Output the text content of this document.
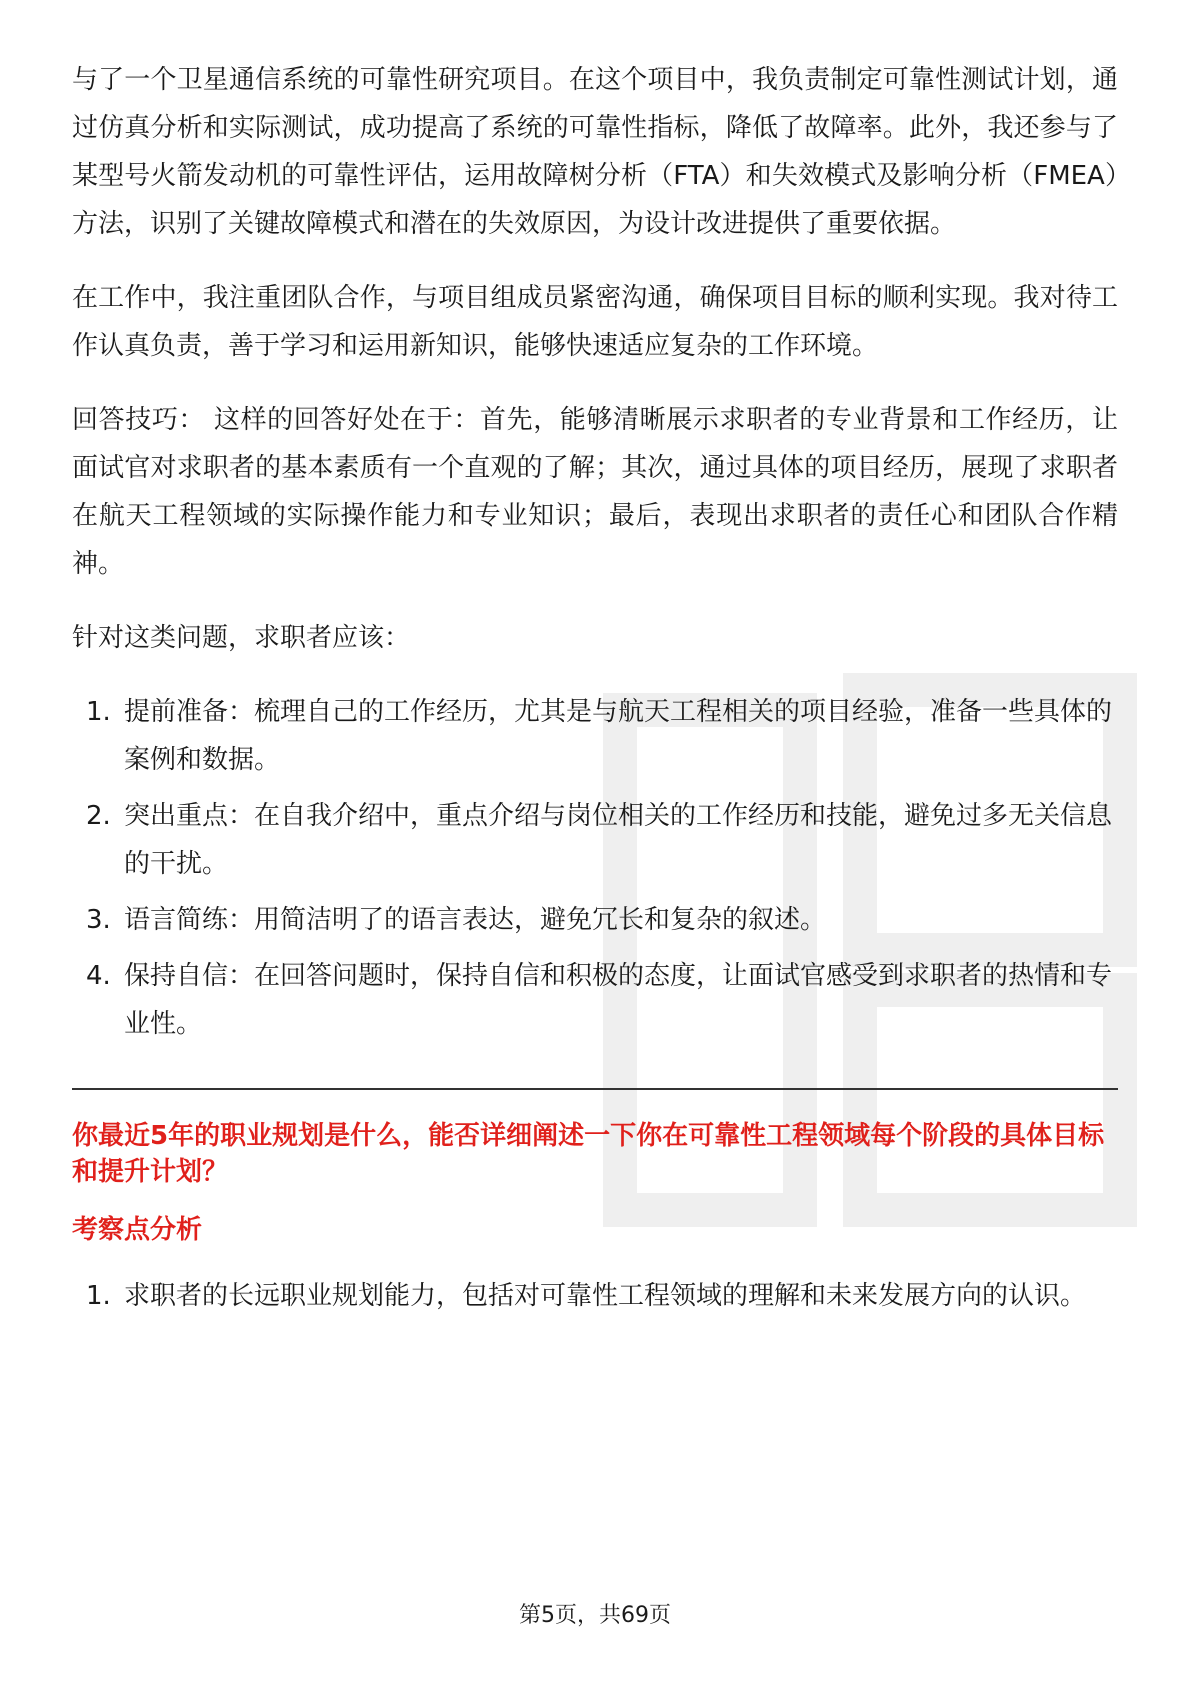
与了一个卫星通信系统的可靠性研究项目。在这个项目中，我负责制定可靠性测试计划，通过仿真分析和实际测试，成功提高了系统的可靠性指标，降低了故障率。此外，我还参与了某型号火箭发动机的可靠性评估，运用故障树分析（FTA）和失效模式及影响分析（FMEA）方法，识别了关键故障模式和潜在的失效原因，为设计改进提供了重要依据。

在工作中，我注重团队合作，与项目组成员紧密沟通，确保项目目标的顺利实现。我对待工作认真负责，善于学习和运用新知识，能够快速适应复杂的工作环境。

回答技巧： 这样的回答好处在于：首先，能够清晰展示求职者的专业背景和工作经历，让面试官对求职者的基本素质有一个直观的了解；其次，通过具体的项目经历，展现了求职者在航天工程领域的实际操作能力和专业知识；最后，表现出求职者的责任心和团队合作精神。

针对这类问题，求职者应该：

1. 提前准备：梳理自己的工作经历，尤其是与航天工程相关的项目经验，准备一些具体的案例和数据。
2. 突出重点：在自我介绍中，重点介绍与岗位相关的工作经历和技能，避免过多无关信息的干扰。
3. 语言简练：用简洁明了的语言表达，避免冗长和复杂的叙述。
4. 保持自信：在回答问题时，保持自信和积极的态度，让面试官感受到求职者的热情和专业性。
你最近5年的职业规划是什么，能否详细阐述一下你在可靠性工程领域每个阶段的具体目标和提升计划？
考察点分析
1. 求职者的长远职业规划能力，包括对可靠性工程领域的理解和未来发展方向的认识。
第5页，共69页
